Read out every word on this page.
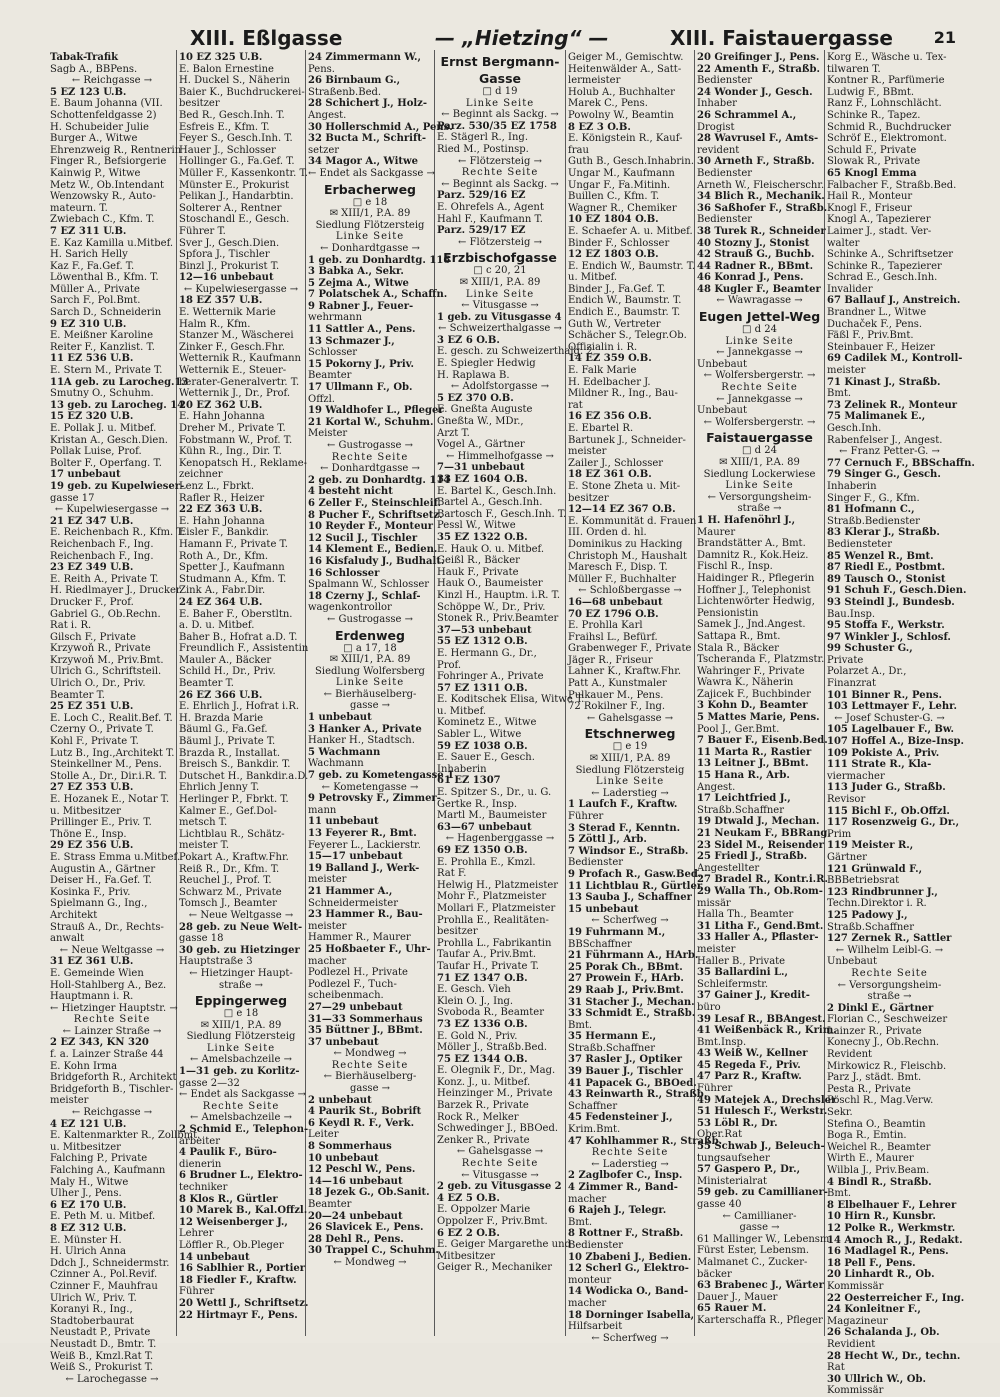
XIII. Eßlgasse	— „Hietzing“ —	XIII. Faistauergasse	21
Tabak-Trafik
Sagb A., BBPens.
← Reichgasse →
5 EZ 123 U.B.
E. Baum Johanna (VII.
Schottenfeldgasse 2)
H. Schubeider Julie
Burger A., Witwe
Ehrenzweig R., Rentnerin
Finger R., Befsiorgerie
Kainwig P., Witwe
Metz W., Ob.Intendant
Wenzowsky R., Auto-
mateurn. T.
Zwiebach C., Kfm. T.
7 EZ 311 U.B.
E. Kaz Kamilla u.Mitbef.
H. Sarich Helly
Kaz F., Fa.Gef. T.
Löwenthal B., Kfm. T.
Müller A., Private
Sarch F., Pol.Bmt.
Sarch D., Schneiderin
9 EZ 310 U.B.
E. Meißner Karoline
Reiter F., Kanzlist. T.
11 EZ 536 U.B.
E. Stern M., Private T.
11A geb. zu Larocheg.13
Smutny O., Schuhm.
13 geb. zu Larocheg. 14
15 EZ 320 U.B.
E. Pollak J. u. Mitbef.
Kristan A., Gesch.Dien.
Pollak Luise, Prof.
Bolter F., Operfang. T.
17 unbebaut
19 geb. zu Kupelwieser-
gasse 17
← Kupelwiesergasse →
21 EZ 347 U.B.
E. Reichenbach R., Kfm. T.
Reichenbach F., Ing.
Reichenbach F., Ing.
23 EZ 349 U.B.
E. Reith A., Private T.
H. Riedlmayer J., Drucker
Drucker F., Prof.
Gabriel G., Ob.Rechn.
Rat i. R.
Gilsch F., Private
Krzywoň R., Private
Krzywoň M., Priv.Bmt.
Ulrich G., Schriftsteil.
Ulrich O., Dr., Priv.
Beamter T.
25 EZ 351 U.B.
E. Loch C., Realit.Bef. T.
Czerny O., Private T.
Kohl F., Private T.
Lutz B., Ing.,Architekt T.
Steinkellner M., Pens.
Stolle A., Dr., Dir.i.R. T.
27 EZ 353 U.B.
E. Hozanek E., Notar T.
u. Mitbesitzer
Prillinger E., Priv. T.
Thöne E., Insp.
29 EZ 356 U.B.
E. Strass Emma u.Mitbef.
Augustin A., Gärtner
Deiser H., Fa.Gef. T.
Kosinka F., Priv.
Spielmann G., Ing.,
Architekt
Strauß A., Dr., Rechts-
anwalt
← Neue Weltgasse →
31 EZ 361 U.B.
E. Gemeinde Wien
Holl-Stahlberg A., Bez.
Hauptmann i. R.
← Hietzinger Hauptstr. →
Rechte Seite
← Lainzer Straße →
2 EZ 343, KN 320
f. a. Lainzer Straße 44
E. Kohn Irma
Bridgeforth R., Architekt
Bridgeforth B., Tischler-
meister
← Reichgasse →
4 EZ 121 U.B.
E. Kaltenmarkter R., Zollbmt.
u. Mitbesitzer
Falching P., Private
Falching A., Kaufmann
Maly H., Witwe
Ulher J., Pens.
6 EZ 170 U.B.
E. Peth M. u. Mitbef.
8 EZ 312 U.B.
E. Münster H.
H. Ulrich Anna
Ddch J., Schneidermstr.
Czinner A., Pol.Revif.
Czinner F., Mauhfrau
Ulrich W., Priv. T.
Koranyi R., Ing.,
Stadtoberbaurat
Neustadt P., Private
Neustadt D., Bmtr. T.
Weiß B., Kmzl.Rat T.
Weiß S., Prokurist T.
← Larochegasse →
10 EZ 325 U.B.
E. Balon Ernestine
H. Duckel S., Näherin
Baier K., Buchdruckerei-
besitzer
Bed R., Gesch.Inh. T.
Esfreis E., Kfm. T.
Feyer S., Gesch.Inh. T.
Hauer J., Schlosser
Hollinger G., Fa.Gef. T.
Müller F., Kassenkontr. T.
Münster E., Prokurist
Pelikan J., Handarbtin.
Solterer A., Rentner
Stoschandl E., Gesch.
Führer T.
Sver J., Gesch.Dien.
Spfora J., Tischler
Binzl J., Prokurist T.
12—16 unbebaut
← Kupelwiesergasse →
18 EZ 357 U.B.
E. Wetternik Marie
Halm R., Kfm.
Stanzer M., Wäscherei
Zinker F., Gesch.Fhr.
Wetternik R., Kaufmann
Wetternik E., Steuer-
berater-Generalvertr. T.
Wetternik J., Dr., Prof.
20 EZ 362 U.B.
E. Hahn Johanna
Dreher M., Private T.
Fobstmann W., Prof. T.
Kühn R., Ing., Dir. T.
Kenopatsch H., Reklame-
zeichner
Lenz L., Fbrkt.
Rafler R., Heizer
22 EZ 363 U.B.
E. Hahn Johanna
Eisler F., Bankdir.
Hamann F., Private T.
Roth A., Dr., Kfm.
Spetter J., Kaufmann
Studmann A., Kfm. T.
Zink A., Fabr.Dir.
24 EZ 364 U.B.
E. Baher F., Oberstltn.
a. D. u. Mitbef.
Baher B., Hofrat a.D. T.
Freundlich F., Assistentin
Mauler A., Bäcker
Schild H., Dr., Priv.
Beamter T.
26 EZ 366 U.B.
E. Ehrlich J., Hofrat i.R.
H. Brazda Marie
Bäuml G., Fa.Gef.
Bäuml J., Private T.
Brazda R., Installat.
Breisch S., Bankdir. T.
Dutschet H., Bankdir.a.D.
Ehrlich Jenny T.
Herlinger P., Fbrkt. T.
Kalmer E., Gef.Dol-
metsch T.
Lichtblau R., Schätz-
meister T.
Pokart A., Kraftw.Fhr.
Reiß R., Dr., Kfm. T.
Reuchel J., Prof. T.
Schwarz M., Private
Tomsch J., Beamter
← Neue Weltgasse →
28 geb. zu Neue Welt-
gasse 18
30 geb. zu Hietzinger
Hauptstraße 3
← Hietzinger Haupt-
straße →
Eppingerweg
□ e 18
✉ XIII/1, P.A. 89
Siedlung Flötzersteig
Linke Seite
← Amelsbachzeile →
1—31 geb. zu Korlitz-
gasse 2—32
← Endet als Sackgasse →
Rechte Seite
← Amelsbachzeile →
2 Schmid E., Telephon-
arbeiter
4 Paulik F., Büro-
dienerin
6 Brudner L., Elektro-
techniker
8 Klos R., Gürtler
10 Marek B., Kal.Offzl.
12 Weisenberger J.,
Lehrer
Löffler R., Ob.Pleger
14 unbebaut
16 Sablhier R., Portier
18 Fiedler F., Kraftw.
Führer
20 Wettl J., Schriftsetz.
22 Hirtmayr F., Pens.
24 Zimmermann W.,
Pens.
26 Birnbaum G.,
Straßenb.Bed.
28 Schichert J., Holz-
Angest.
30 Hollerschmid A., Pens.
32 Bucta M., Schrift-
setzer
34 Magor A., Witwe
← Endet als Sackgasse →
Erbacherweg
□ e 18
✉ XIII/1, P.A. 89
Siedlung Flötzersteig
Linke Seite
← Donhardtgasse →
1 geb. zu Donhardtg. 116
3 Babka A., Sekr.
5 Zejma A., Witwe
7 Polatschek A., Schaffn.
9 Rabner J., Feuer-
wehrmann
11 Sattler A., Pens.
13 Schmazer J.,
Schlosser
15 Pokorny J., Priv.
Beamter
17 Ullmann F., Ob.
Offzl.
19 Waldhofer L., Pfleger
21 Kortal W., Schuhm.
Meister
← Gustrogasse →
Rechte Seite
← Donhardtgasse →
2 geb. zu Donhardtg. 114
4 besteht nicht
6 Zeller F., Steinschleif.
8 Pucher F., Schriftsetz.
10 Reyder F., Monteur
12 Sucil J., Tischler
14 Klement E., Bedien.
16 Kisfaludy J., Budhalt.
16 Schlosser
Spalmann W., Schlosser
18 Czerny J., Schlaf-
wagenkontrollor
← Gustrogasse →
Erdenweg
□ a 17, 18
✉ XIII/1, P.A. 89
Siedlung Wolfersberg
Linke Seite
← Bierhäuselberg-
gasse →
1 unbebaut
3 Hanker A., Private
Hanker H., Stadtsch.
5 Wachmann
Wachmann
7 geb. zu Kometengasse 1
← Kometengasse →
9 Petrovsky F., Zimmer-
mann
11 unbebaut
13 Feyerer R., Bmt.
Feyerer L., Lackierstr.
15—17 unbebaut
19 Balland J., Werk-
meister
21 Hammer A.,
Schneidermeister
23 Hammer R., Bau-
meister
Hammer R., Maurer
25 Hoßbaeter F., Uhr-
macher
Podlezel H., Private
Podlezel F., Tuch-
scheibenmach.
27—29 unbebaut
31—33 Sommerhaus
35 Büttner J., BBmt.
37 unbebaut
← Mondweg →
Rechte Seite
← Bierhäuselberg-
gasse →
2 unbebaut
4 Paurik St., Bobrift
6 Keydl R. F., Verk.
Leiter
8 Sommerhaus
10 unbebaut
12 Peschl W., Pens.
14—16 unbebaut
18 Jezek G., Ob.Sanit.
Beamter
20—24 unbebaut
26 Slavicek E., Pens.
28 Dehl R., Pens.
30 Trappel C., Schuhm.
← Mondweg →
Ernst Bergmann-
Gasse
□ d 19
Linke Seite
← Beginnt als Sackg. →
Parz. 530/35 EZ 1758
E. Stägerl R., Ing.
Ried M., Postinsp.
← Flötzersteig →
Rechte Seite
← Beginnt als Sackg. →
Parz. 529/16 EZ
E. Ohrefels A., Agent
Hahl F., Kaufmann T.
Parz. 529/17 EZ
← Flötzersteig →
Erzbischofgasse
□ c 20, 21
✉ XIII/1, P.A. 89
Linke Seite
← Vitusgasse →
1 geb. zu Vitusgasse 4
← Schweizerthalgasse →
3 EZ 6 O.B.
E. gesch. zu Schweizerthalg. 2
E. Spiegler Hedwig
H. Raplawa B.
← Adolfstorgasse →
5 EZ 370 O.B.
E. Gneßta Auguste
Gneßta W., MDr.,
Arzt T.
Vogel A., Gärtner
← Himmelhofgasse →
7—31 unbebaut
33 EZ 1604 O.B.
E. Bartel K., Gesch.Inh.
Bartel A., Gesch.Inh.
Bartosch F., Gesch.Inh. T.
Pessl W., Witwe
35 EZ 1322 O.B.
E. Hauk O. u. Mitbef.
Geißl R., Bäcker
Hauk F., Private
Hauk O., Baumeister
Kinzl H., Hauptm. i.R. T.
Schöppe W., Dr., Priv.
Stonek R., Priv.Beamter
37—53 unbebaut
55 EZ 1312 O.B.
E. Hermann G., Dr.,
Prof.
Fohringer A., Private
57 EZ 1311 O.B.
E. Koditschek Elisa, Witwe T.
u. Mitbef.
Kominetz E., Witwe
Sabler L., Witwe
59 EZ 1038 O.B.
E. Sauer E., Gesch.
Inhaberin
61 EZ 1307
E. Spitzer S., Dr., u. G.
Gertke R., Insp.
Martl M., Baumeister
63—67 unbebaut
← Hagenberggasse →
69 EZ 1350 O.B.
E. Prohlla E., Kmzl.
Rat F.
Helwig H., Platzmeister
Mohr F., Platzmeister
Mollari F., Platzmeister
Prohlla E., Realitäten-
besitzer
Prohlla L., Fabrikantin
Taufar A., Priv.Bmt.
Taufar H., Private T.
71 EZ 1347 O.B.
E. Gesch. Vieh
Klein O. J., Ing.
Svoboda R., Beamter
73 EZ 1336 O.B.
E. Gold N., Priv.
Möller J., Straßb.Bed.
75 EZ 1344 O.B.
E. Olegnik F., Dr., Mag.
Konz. J., u. Mitbef.
Heinzinger M., Private
Barzek R., Private
Rock R., Melker
Schwedinger J., BBOed.
Zenker R., Private
← Gahelsgasse →
Rechte Seite
← Vitusgasse →
2 geb. zu Vitusgasse 2
4 EZ 5 O.B.
E. Oppolzer Marie
Oppolzer F., Priv.Bmt.
6 EZ 2 O.B.
E. Geiger Margarethe und
Mitbesitzer
Geiger R., Mechaniker
Geiger M., Gemischtw.
Heitenwälder A., Satt-
lermeister
Holub A., Buchhalter
Marek C., Pens.
Powolny W., Beamtin
8 EZ 3 O.B.
E. Königstein R., Kauf-
frau
Guth B., Gesch.Inhabrin.
Ungar M., Kaufmann
Ungar F., Fa.Mitinh.
Buillen C., Kfm. T.
Wagner R., Chemiker
10 EZ 1804 O.B.
E. Schaefer A. u. Mitbef.
Binder F., Schlosser
12 EZ 1803 O.B.
E. Endich W., Baumstr. T.
u. Mitbef.
Binder J., Fa.Gef. T.
Endich W., Baumstr. T.
Endich E., Baumstr. T.
Guth W., Vertreter
Schächer S., Telegr.Ob.
Offizialin i. R.
14 EZ 359 O.B.
E. Falk Marie
H. Edelbacher J.
Mildner R., Ing., Bau-
rat
16 EZ 356 O.B.
E. Ebartel R.
Bartunek J., Schneider-
meister
Zailer J., Schlosser
18 EZ 361 O.B.
E. Stone Zheta u. Mit-
besitzer
12—14 EZ 367 O.B.
E. Kommunität d. Frauen
III. Orden d. hl.
Dominikus zu Hacking
Christoph M., Haushalt
Maresch F., Disp. T.
Müller F., Buchhalter
← Schloßbergasse →
16—68 unbebaut
70 EZ 1796 O.B.
E. Prohlla Karl
Fraihsl L., Befürf.
Grabenweger F., Private
Jäger R., Friseur
Lahner K., Kraftw.Fhr.
Patt A., Kunstmaler
Pulkauer M., Pens.
72 Rokilner F., Ing.
← Gahelsgasse →
Etschnerweg
□ e 19
✉ XIII/1, P.A. 89
Siedlung Flötzersteig
Linke Seite
← Laderstieg →
1 Laufch F., Kraftw.
Führer
3 Sterad F., Kenntn.
5 Zöttl J., Arb.
7 Windsor E., Straßb.
Bedienster
9 Profach R., Gasw.Bed.
11 Lichtblau R., Gürtler
13 Sauba J., Schaffner
15 unbebaut
← Scherfweg →
19 Fuhrmann M.,
BBSchaffner
21 Führmann A., HArb.
25 Porak Ch., BBmt.
27 Prowein F., HArb.
29 Raab J., Priv.Bmt.
31 Stacher J., Mechan.
33 Schmidt E., Straßb.
Bmt.
35 Hermann E.,
Straßb.Schaffner
37 Rasler J., Optiker
39 Bauer J., Tischler
41 Papacek G., BBOed.
43 Reinwarth R., Straßb.
Schaffner
45 Fedensteiner J.,
Krim.Bmt.
47 Kohlhammer R., Straßb.
Rechte Seite
← Laderstieg →
2 Zaglbofer C., Insp.
4 Zimmer R., Band-
macher
6 Rajeh J., Telegr.
Bmt.
8 Rottner F., Straßb.
Bedienster
10 Zbabeni J., Bedien.
12 Scherl G., Elektro-
monteur
14 Wodicka O., Band-
macher
18 Dorninger Isabella,
Hilfsarbeit
← Scherfweg →
20 Greifinger J., Pens.
22 Amenth F., Straßb.
Bedienster
24 Wonder J., Gesch.
Inhaber
26 Schrammel A.,
Drogist
28 Wavrusel F., Amts-
revident
30 Arneth F., Straßb.
Bedienster
Arneth W., Fleischerschr.
34 Blich R., Mechanik.
36 Saßhofer F., Straßb.
Bedienster
38 Turek R., Schneider
40 Stozny J., Stonist
42 Strauß G., Buchb.
44 Radner R., BBmt.
46 Konrad J., Pens.
48 Kugler F., Beamter
← Wawragasse →
Eugen Jettel-Weg
□ d 24
Linke Seite
← Jannekgasse →
Unbebaut
← Wolfersbergerstr. →
Rechte Seite
← Jannekgasse →
Unbebaut
← Wolfersbergerstr. →
Faistauergasse
□ d 24
✉ XIII/1, P.A. 89
Siedlung Lockerwiese
Linke Seite
← Versorgungsheim-
straße →
1 H. Hafenöhrl J.,
Maurer
Brandstätter A., Bmt.
Damnitz R., Kok.Heiz.
Fischl R., Insp.
Haidinger R., Pflegerin
Hoffner J., Telephonist
Lichtenwörter Hedwig,
Pensionistin
Samek J., Jnd.Angest.
Sattapa R., Bmt.
Stala R., Bäcker
Tscheranda F., Platzmstr.
Wahringer F., Private
Wawra K., Näherin
Zajicek F., Buchbinder
3 Kohn D., Beamter
5 Mattes Marie, Pens.
Pool J., Ger.Bmt.
7 Bauer F., Eisenb.Bed.
11 Marta R., Rastier
13 Leitner J., BBmt.
15 Hana R., Arb.
Angest.
17 Leichtfried J.,
Straßb.Schaffner
19 Dtwald J., Mechan.
21 Neukam F., BBRang.
23 Sidel M., Reisender
25 Friedl J., Straßb.
Angestellter
27 Bradel R., Kontr.i.R.
29 Walla Th., Ob.Rom-
missär
Halla Th., Beamter
31 Litha F., Gend.Bmt.
33 Haller A., Pflaster-
meister
Haller B., Private
35 Ballardini L.,
Schleifermstr.
37 Gainer J., Kredit-
büro
39 Lesaf R., BBAngest.
41 Weißenbäck R., Krim.
Bmt.Insp.
43 Weiß W., Kellner
45 Regeda F., Priv.
47 Parz R., Kraftw.
Führer
49 Matejek A., Drechsler
51 Hulesch F., Werkstr.
53 Löbl R., Dr.
Ober.Rat
55 Schwab J., Beleuch-
tungsaufseher
57 Gaspero P., Dr.,
Ministerialrat
59 geb. zu Camillianer-
gasse 40
← Camillianer-
gasse →
61 Mallinger W., Lebensm.
Fürst Ester, Lebensm.
Malmanet C., Zucker-
bäcker
63 Brabenec J., Wärter
Dauer J., Mauer
65 Rauer M.
Karterschaffa R., Pfleger
Korg E., Wäsche u. Tex-
tilwaren T.
Kontner R., Parfümerie
Ludwig F., BBmt.
Ranz F., Lohnschlächt.
Schinke R., Tapez.
Schmid R., Buchdrucker
Schröf E., Elektromont.
Schuld F., Private
Slowak R., Private
65 Knogl Emma
Falbacher F., Straßb.Bed.
Hail R., Monteur
Knogl F., Friseur
Knogl A., Tapezierer
Laimer J., stadt. Ver-
walter
Schinke A., Schriftsetzer
Schinke R., Tapezierer
Schrad E., Gesch.Inh.
Invalider
67 Ballauf J., Anstreich.
Brandner L., Witwe
Duchaček F., Pens.
Fäßl F., Priv.Bmt.
Steinbauer F., Heizer
69 Cadilek M., Kontroll-
meister
71 Kinast J., Straßb.
Bmt.
73 Zelinek R., Monteur
75 Malimanek E.,
Gesch.Inh.
Rabenfelser J., Angest.
← Franz Petter-G. →
77 Cernuch F., BBSchaffn.
79 Singer G., Gesch.
Inhaberin
Singer F., G., Kfm.
81 Hofmann C.,
Straßb.Bedienster
83 Klerar J., Straßb.
Bediensteter
85 Wenzel R., Bmt.
87 Riedl E., Postbmt.
89 Tausch O., Stonist
91 Schuh F., Gesch.Dien.
93 Steindl J., Bundesb.
Bau.Insp.
95 Stoffa F., Werkstr.
97 Winkler J., Schlosf.
99 Schuster G.,
Private
Polarzet A., Dr.,
Finanzrat
101 Binner R., Pens.
103 Lettmayer F., Lehr.
← Josef Schuster-G. →
105 Lagelbauer F., Bw.
107 Hoffel A., Bize-Insp.
109 Pokiste A., Priv.
111 Strate R., Kla-
viermacher
113 Juder G., Straßb.
Revisor
115 Bichl F., Ob.Offzl.
117 Rosenzweig G., Dr.,
Prim
119 Meister R.,
Gärtner
121 Grünwald F.,
BBBetriebsrat
123 Rindbrunner J.,
Techn.Direktor i. R.
125 Padowy J.,
Straßb.Schaffner
127 Zernek R., Sattler
← Wilhelm Leibl-G. →
Unbebaut
Rechte Seite
← Versorgungsheim-
straße →
2 Dinkl E., Gärtner
Florian C., Seschweizer
Lainzer R., Private
Konecny J., Ob.Rechn.
Revident
Mirkowicz R., Fleischb.
Parz J., städt. Bmt.
Pesta R., Private
Pöschl R., Mag.Verw.
Sekr.
Stefina O., Beamtin
Boga R., Emtin.
Weichel R., Beamter
Wirth E., Maurer
Wilbla J., Priv.Beam.
4 Bindl R., Straßb.
Bmt.
8 Elbelhauer F., Lehrer
10 Hirn R., Kunsbr.
12 Polke R., Werkmstr.
14 Amoch R., J., Redakt.
16 Madlagel R., Pens.
18 Pell F., Pens.
20 Linhardt R., Ob.
Kommissär
22 Oesterreicher F., Ing.
24 Konleitner F.,
Magazineur
26 Schalanda J., Ob.
Revidient
28 Hecht W., Dr., techn.
Rat
30 Ullrich W., Ob.
Kommissär
